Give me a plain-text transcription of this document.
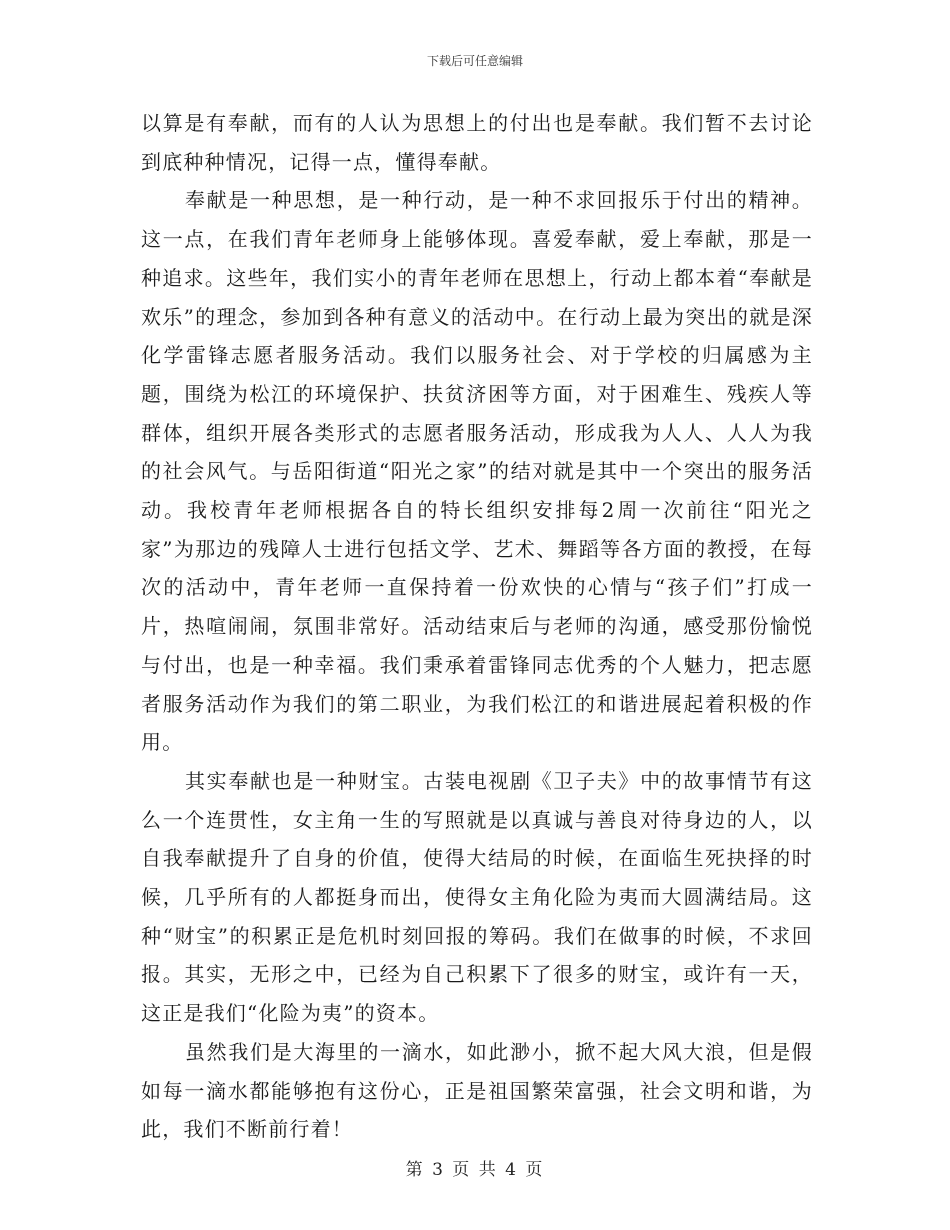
下载后可任意编辑

以算是有奉献，而有的人认为思想上的付出也是奉献。我们暂不去讨论到底种种情况，记得一点，懂得奉献。

奉献是一种思想，是一种行动，是一种不求回报乐于付出的精神。这一点，在我们青年老师身上能够体现。喜爱奉献，爱上奉献，那是一种追求。这些年，我们实小的青年老师在思想上，行动上都本着“奉献是欢乐”的理念，参加到各种有意义的活动中。在行动上最为突出的就是深化学雷锋志愿者服务活动。我们以服务社会、对于学校的归属感为主题，围绕为松江的环境保护、扶贫济困等方面，对于困难生、残疾人等群体，组织开展各类形式的志愿者服务活动，形成我为人人、人人为我的社会风气。与岳阳街道“阳光之家”的结对就是其中一个突出的服务活动。我校青年老师根据各自的特长组织安排每2周一次前往“阳光之家”为那边的残障人士进行包括文学、艺术、舞蹈等各方面的教授，在每次的活动中，青年老师一直保持着一份欢快的心情与“孩子们”打成一片，热喧闹闹，氛围非常好。活动结束后与老师的沟通，感受那份愉悦与付出，也是一种幸福。我们秉承着雷锋同志优秀的个人魅力，把志愿者服务活动作为我们的第二职业，为我们松江的和谐进展起着积极的作用。

其实奉献也是一种财宝。古装电视剧《卫子夫》中的故事情节有这么一个连贯性，女主角一生的写照就是以真诚与善良对待身边的人，以自我奉献提升了自身的价值，使得大结局的时候，在面临生死抉择的时候，几乎所有的人都挺身而出，使得女主角化险为夷而大圆满结局。这种“财宝”的积累正是危机时刻回报的筹码。我们在做事的时候，不求回报。其实，无形之中，已经为自己积累下了很多的财宝，或许有一天，这正是我们“化险为夷”的资本。

虽然我们是大海里的一滴水，如此渺小，掀不起大风大浪，但是假如每一滴水都能够抱有这份心，正是祖国繁荣富强，社会文明和谐，为此，我们不断前行着！

第 3 页 共 4 页
